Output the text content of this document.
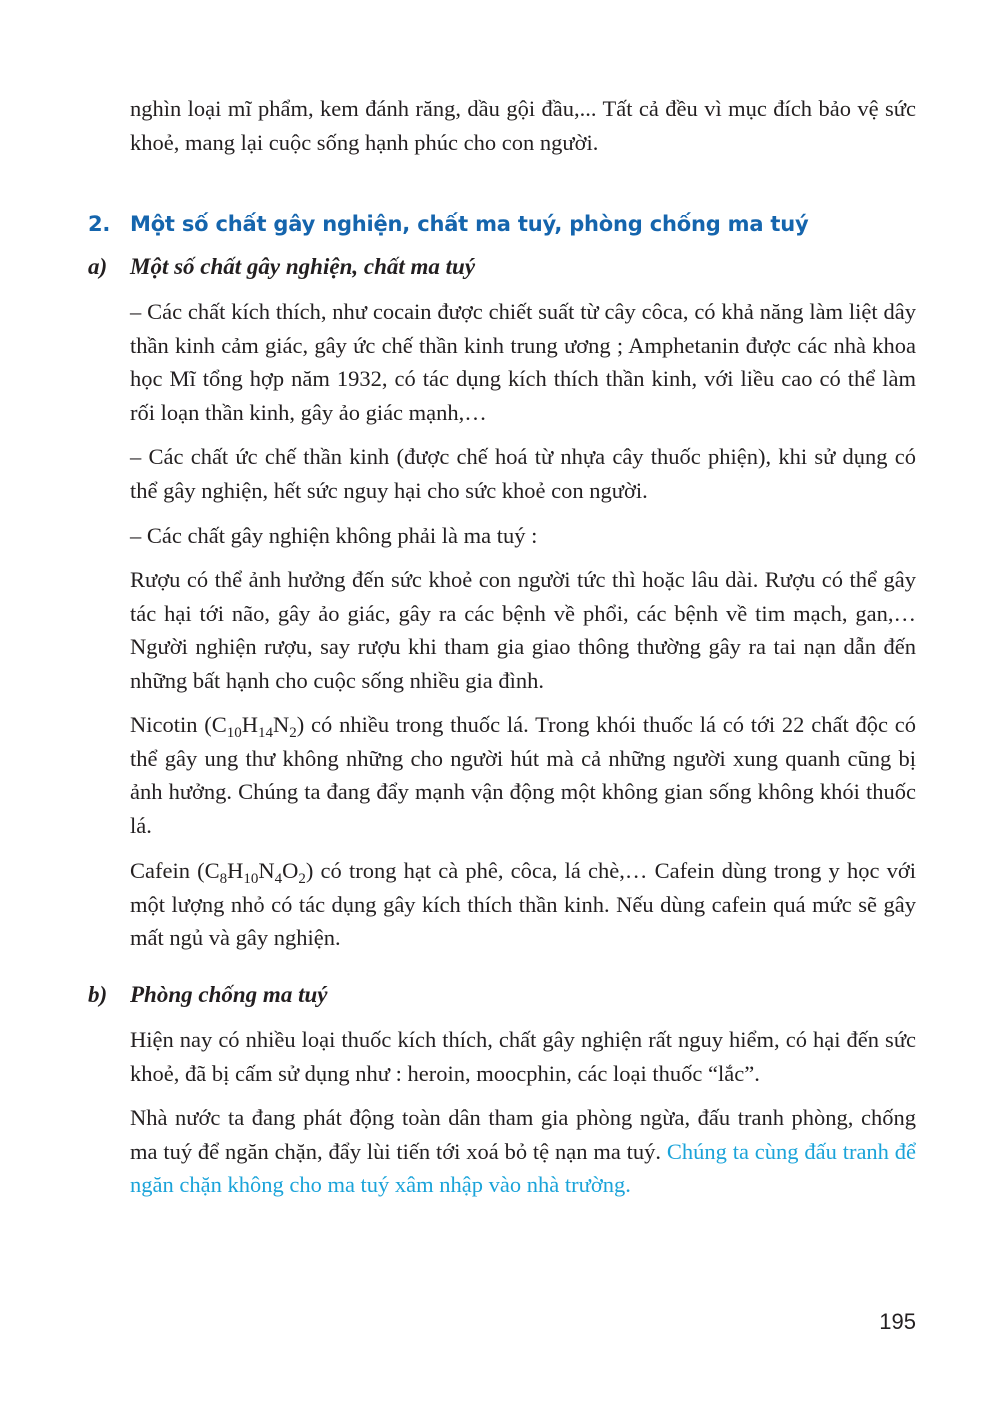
nghìn loại mĩ phẩm, kem đánh răng, dầu gội đầu,... Tất cả đều vì mục đích bảo vệ sức khoẻ, mang lại cuộc sống hạnh phúc cho con người.

2. Một số chất gây nghiện, chất ma tuý, phòng chống ma tuý
a) Một số chất gây nghiện, chất ma tuý

– Các chất kích thích, như cocain được chiết suất từ cây côca, có khả năng làm liệt dây thần kinh cảm giác, gây ức chế thần kinh trung ương ; Amphetanin được các nhà khoa học Mĩ tổng hợp năm 1932, có tác dụng kích thích thần kinh, với liều cao có thể làm rối loạn thần kinh, gây ảo giác mạnh,…

– Các chất ức chế thần kinh (được chế hoá từ nhựa cây thuốc phiện), khi sử dụng có thể gây nghiện, hết sức nguy hại cho sức khoẻ con người.

– Các chất gây nghiện không phải là ma tuý :

Rượu có thể ảnh hưởng đến sức khoẻ con người tức thì hoặc lâu dài. Rượu có thể gây tác hại tới não, gây ảo giác, gây ra các bệnh về phổi, các bệnh về tim mạch, gan,… Người nghiện rượu, say rượu khi tham gia giao thông thường gây ra tai nạn dẫn đến những bất hạnh cho cuộc sống nhiều gia đình.

Nicotin $(C_{10}H_{14}N_2)$ có nhiều trong thuốc lá. Trong khói thuốc lá có tới 22 chất độc có thể gây ung thư không những cho người hút mà cả những người xung quanh cũng bị ảnh hưởng. Chúng ta đang đẩy mạnh vận động một không gian sống không khói thuốc lá.

Cafein $(C_8H_{10}N_4O_2)$ có trong hạt cà phê, côca, lá chè,… Cafein dùng trong y học với một lượng nhỏ có tác dụng gây kích thích thần kinh. Nếu dùng cafein quá mức sẽ gây mất ngủ và gây nghiện.

b) Phòng chống ma tuý

Hiện nay có nhiều loại thuốc kích thích, chất gây nghiện rất nguy hiểm, có hại đến sức khoẻ, đã bị cấm sử dụng như : heroin, moocphin, các loại thuốc “lắc”.

Nhà nước ta đang phát động toàn dân tham gia phòng ngừa, đấu tranh phòng, chống ma tuý để ngăn chặn, đẩy lùi tiến tới xoá bỏ tệ nạn ma tuý. Chúng ta cùng đấu tranh để ngăn chặn không cho ma tuý xâm nhập vào nhà trường.

195
